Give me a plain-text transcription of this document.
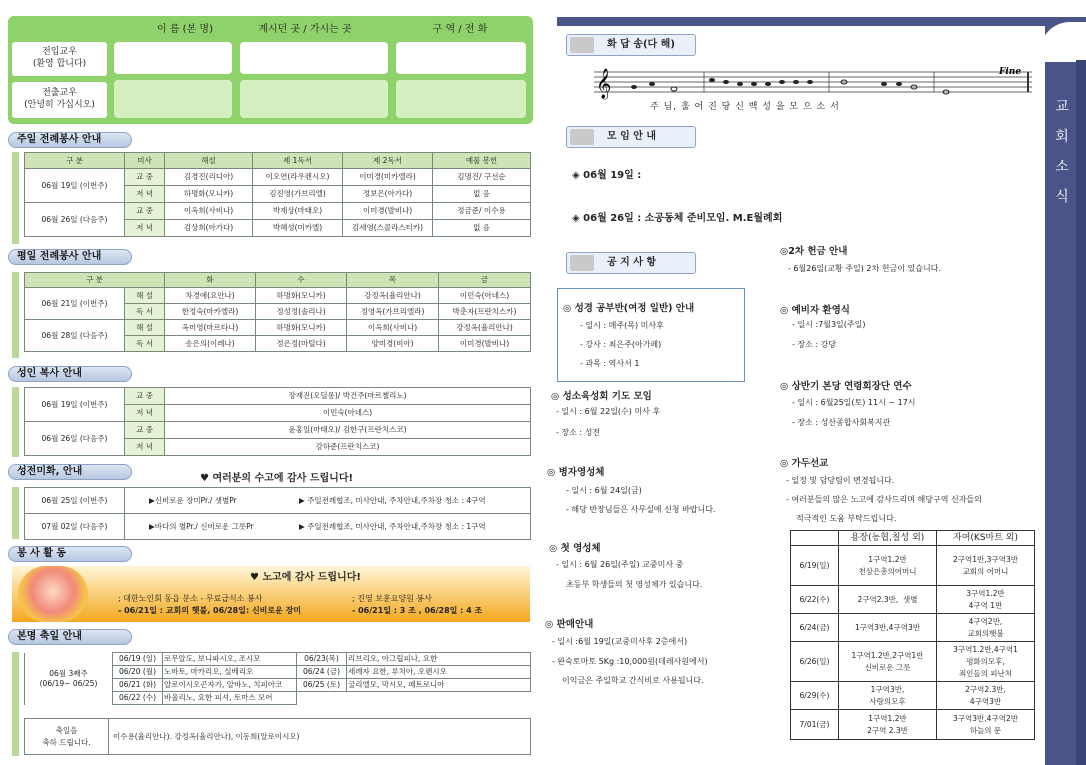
이 름 (본 명)	계시던 곳 / 가시는 곳	구 역 / 전 화
전입교우
(환영 합니다)
전출교우
(안녕히 가십시오)
주일 전례봉사 안내
구 분	미사	해설	제 1독서	제 2독서	예물 봉헌
06월 19일 (이번주)	교 중	김경진(리디아)	이오연(라우렌시오)	이미경(미카엘라)	김명진/ 구선순
	저 녁	하명화(모니카)	김진영(가브리엘)	정보은(아가다)	없 음
06월 26일 (다음주)	교 중	이옥희(사비나)	박재상(마태오)	이미경(발비나)	정금준/ 이수용
	저 녁	김상희(아가다)	박혜성(미카엘)	김세영(스콜라스티카)	없 음
평일 전례봉사 안내
구 분		화	수	목	금
06월 21일 (이번주)	해 설	차경애(요안나)	하명화(모니카)	강정옥(율리안나)	이민숙(아네스)
	독 서	한정숙(마카엘라)	정성정(솔리나)	정영옥(가브리엘라)	박춘자(프란치스카)
06월 28일 (다음주)	해 설	옥미영(마르타나)	하명화(모니카)	이옥희(사비나)	강정옥(율리안나)
	독 서	송은의(이레나)	정은정(마틸다)	양미경(비아)	이미경(발비나)
성인 복사 안내
06월 19일 (이번주)	교 중	장재진(오딜롱)/ 박건주(마르첼리노)
	저 녁	이민숙(아네스)
06월 26일 (다음주)	교 중	윤홍일(마태오)/ 김한구(프란치스코)
	저 녁	강하준(프란치스코)
성전미화, 안내
♥ 여러분의 수고에 감사 드립니다!
06월 25일 (이번주)	▶신비로운 장미Pr./ 샛별Pr ▶ 주일전례협조, 미사안내, 주차안내,주차장 청소 : 4구역
07월 02일 (다음주)	▶바다의 별Pr./ 신비로운 그릇Pr ▶ 주일전례협조, 미사안내, 주차안내,주차장 청소 : 1구역
봉 사 활 동
♥ 노고에 감사 드립니다!
; 대한노인회 동읍 분소 - 무료급식소 봉사	; 진영 보훈요양원 봉사
- 06/21일 : 교회의 햇불, 06/28일: 신비로운 장미	- 06/21일 : 3 조 , 06/28일 : 4 조
본명 축일 안내
06월 3째주
(06/19~ 06/25)	06/19 (일)	로무알도, 보니파시오, 조시모	06/23(목)	리브리오, 아그립피나, 요한
	06/20 (월)	노바토, 마카리오, 실베리오	06/24 (금)	세례자 요한, 루치아, 오렌시오
	06/21 (화)	알로이시오곤자가, 알바노, 치피아코	06/25 (토)	굴리엘모, 막시모, 페트로니아
	06/22 (수)	바울리노, 요한 피셔, 토마스 모어		
축일을
축하 드립니다.	이수용(율리안나). 강정옥(율리안나), 이동희(알로이시오)
교 회 소 식
화 답 송(다 해)
𝄞	Fine
주 님, 훌 어 진 당 신 백 성 을 모 으 소 서
모 임 안 내
◈ 06월 19일 :
◈ 06월 26일 : 소공동체 준비모임. M.E월례회
공 지 사 항
◎ 성경 공부반(여정 일반) 안내
- 일시 : 매주(목) 미사후
- 강사 : 최은주(아가페)
- 과목 : 역사서 1
◎ 성소육성회 기도 모임
- 일시 : 6월 22일(수) 미사 후
- 장소 : 성전
◎ 병자영성체
- 일시 : 6월 24일(금)
- 해당 반장님들은 사무실에 신청 바랍니다.
◎ 첫 영성체
- 일시 : 6월 26일(주일) 교중미사 중
초등부 학생들의 첫 영성체가 있습니다.
◎ 판매안내
- 일시 :6월 19일(교중미사후 2층에서)
- 완숙토마토 5Kg :10,000원(데레사원에서)
이익금은 주일학교 간식비로 사용됩니다.
◎2차 헌금 안내
- 6월26일(교황 주일) 2차 헌금이 있습니다.
◎ 예비자 환영식
- 일시 :7월3일(주일)
- 장소 : 강당
◎ 상반기 본당 연령회장단 연수
- 일시 : 6월25일(토) 11시 ~ 17시
- 장소 : 성산종합사회복지관
◎ 가두선교
- 일정 및 담당팀이 변경됩니다.
- 여러분들의 많은 노고에 감사드리며 해당구역 신자들의
적극적인 도움 부탁드립니다.
	용장(농협,칠성 외)	자여(KS마트 외)
6/19(일)	1구역1.2반
천상은총의어머니	2구역1반,3구역3반
교회의 어머니
6/22(수)	2구역2.3반,  샛별	3구역1.2반
4구역 1반
6/24(금)	1구역3반,4구역3반	4구역2반,
교회의햇불
6/26(일)	1구역1.2반,2구역1반
신비로운 그릇	3구역1.2반,4구역1
평화의모후,
죄인들의 피난처
6/29(수)	1구역3반,
사랑의모후	2구역2.3반,
4구역3반
7/01(금)	1구역1.2반
2구역 2.3반	3구역3반,4구역2반
하늘의 문
